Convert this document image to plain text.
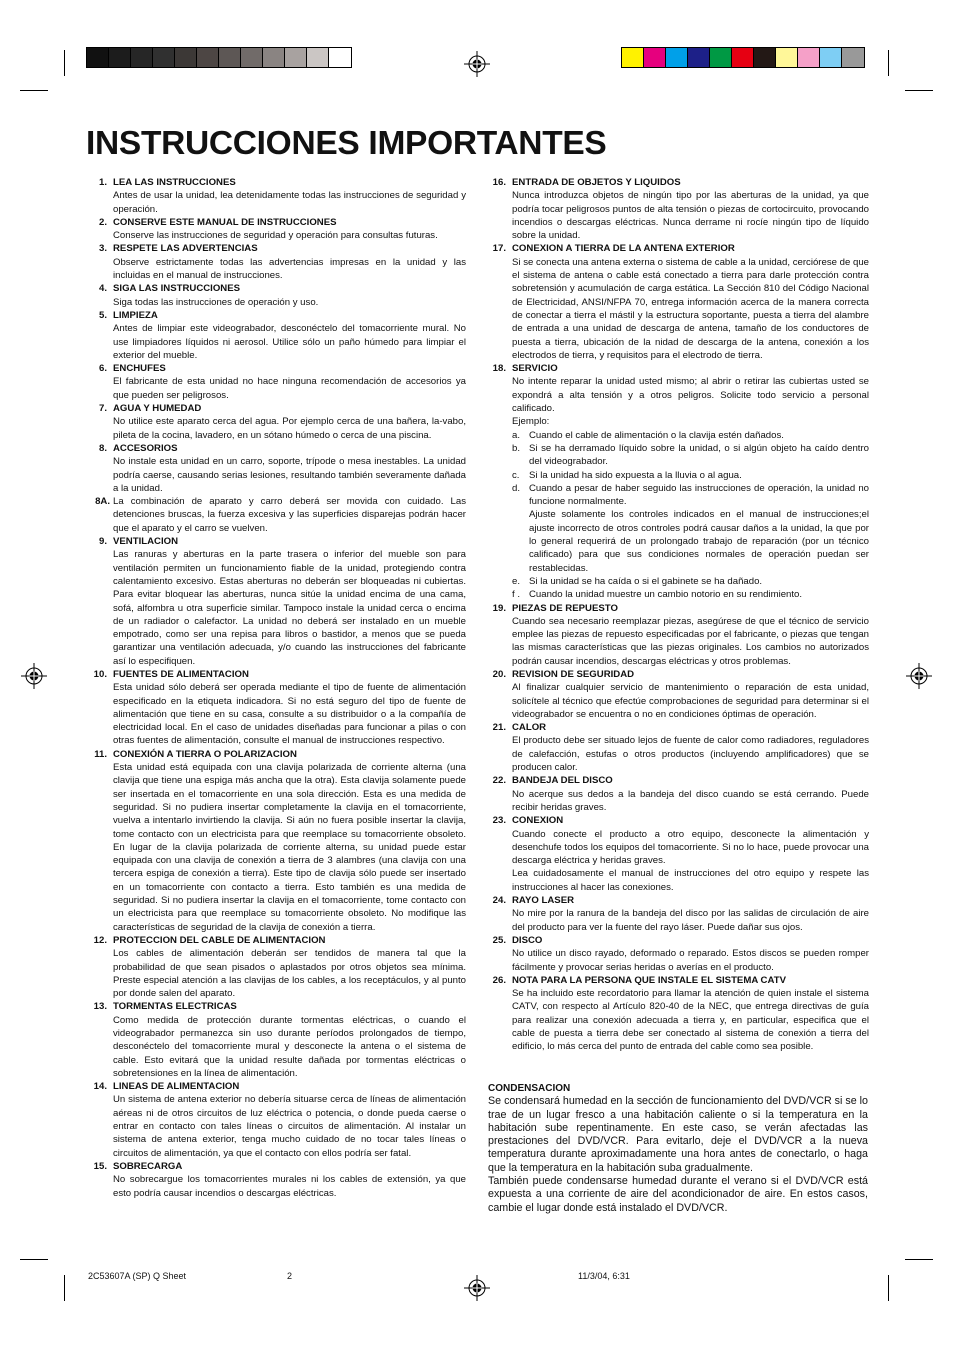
INSTRUCCIONES IMPORTANTES
1. LEA LAS INSTRUCCIONES
Antes de usar la unidad, lea detenidamente todas las instrucciones de seguridad y operación.
2. CONSERVE ESTE MANUAL DE INSTRUCCIONES
Conserve las instrucciones de seguridad y operación para consultas futuras.
3. RESPETE LAS ADVERTENCIAS
Observe estrictamente todas las advertencias impresas en la unidad y las incluidas en el manual de instrucciones.
4. SIGA LAS INSTRUCCIONES
Siga todas las instrucciones de operación y uso.
5. LIMPIEZA
Antes de limpiar este videograbador, desconéctelo del tomacorriente mural. No use limpiadores líquidos ni aerosol. Utilice sólo un paño húmedo para limpiar el exterior del mueble.
6. ENCHUFES
El fabricante de esta unidad no hace ninguna recomendación de accesorios ya que pueden ser peligrosos.
7. AGUA Y HUMEDAD
No utilice este aparato cerca del agua. Por ejemplo cerca de una bañera, la-vabo, pileta de la cocina, lavadero, en un sótano húmedo o cerca de una piscina.
8. ACCESORIOS
No instale esta unidad en un carro, soporte, trípode o mesa inestables. La unidad podría caerse, causando serias lesiones, resultando también severamente dañada a la unidad.
8A. La combinación de aparato y carro deberá ser movida con cuidado. Las detenciones bruscas, la fuerza excesiva y las superficies disparejas podrán hacer que el aparato y el carro se vuelven.
9. VENTILACION
Las ranuras y aberturas en la parte trasera o inferior del mueble son para ventilación permiten un funcionamiento fiable de la unidad, protegiendo contra calentamiento excesivo. Estas aberturas no deberán ser bloqueadas ni cubiertas. Para evitar bloquear las aberturas, nunca sitúe la unidad encima de una cama, sofá, alfombra u otra superficie similar. Tampoco instale la unidad cerca o encima de un radiador o calefactor. La unidad no deberá ser instalado en un mueble empotrado, como ser una repisa para libros o bastidor, a menos que se pueda garantizar una ventilación adecuada, y/o cuando las instrucciones del fabricante así lo especifiquen.
10. FUENTES DE ALIMENTACION
Esta unidad sólo deberá ser operada mediante el tipo de fuente de alimentación especificado en la etiqueta indicadora. Si no está seguro del tipo de fuente de alimentación que tiene en su casa, consulte a su distribuidor o a la compañía de electricidad local. En el caso de unidades diseñadas para funcionar a pilas o con otras fuentes de alimentación, consulte el manual de instrucciones respectivo.
11. CONEXIÓN A TIERRA O POLARIZACION
Esta unidad está equipada con una clavija polarizada de corriente alterna (una clavija que tiene una espiga más ancha que la otra). Esta clavija solamente puede ser insertada en el tomacorriente en una sola dirección. Esta es una medida de seguridad. Si no pudiera insertar completamente la clavija en el tomacorriente, vuelva a intentarlo invirtiendo la clavija. Si aún no fuera posible insertar la clavija, tome contacto con un electricista para que reemplace su tomacorriente obsoleto. En lugar de la clavija polarizada de corriente alterna, su unidad puede estar equipada con una clavija de conexión a tierra de 3 alambres (una clavija con una tercera espiga de conexión a tierra). Este tipo de clavija sólo puede ser insertado en un tomacorriente con contacto a tierra. Esto también es una medida de seguridad. Si no pudiera insertar la clavija en el tomacorriente, tome contacto con un electricista para que reemplace su tomacorriente obsoleto. No modifique las características de seguridad de la clavija de conexión a tierra.
12. PROTECCION DEL CABLE DE ALIMENTACION
Los cables de alimentación deberán ser tendidos de manera tal que la probabilidad de que sean pisados o aplastados por otros objetos sea mínima. Preste especial atención a las clavijas de los cables, a los receptáculos, y al punto por donde salen del aparato.
13. TORMENTAS ELECTRICAS
Como medida de protección durante tormentas eléctricas, o cuando el videograbador permanezca sin uso durante períodos prolongados de tiempo, desconéctelo del tomacorriente mural y desconecte la antena o el sistema de cable. Esto evitará que la unidad resulte dañada por tormentas eléctricas o sobretensiones en la línea de alimentación.
14. LINEAS DE ALIMENTACION
Un sistema de antena exterior no debería situarse cerca de líneas de alimentación aéreas ni de otros circuitos de luz eléctrica o potencia, o donde pueda caerse o entrar en contacto con tales líneas o circuitos de alimentación. Al instalar un sistema de antena exterior, tenga mucho cuidado de no tocar tales líneas o circuitos de alimentación, ya que el contacto con ellos podría ser fatal.
15. SOBRECARGA
No sobrecargue los tomacorrientes murales ni los cables de extensión, ya que esto podría causar incendios o descargas eléctricas.
16. ENTRADA DE OBJETOS Y LIQUIDOS
Nunca introduzca objetos de ningún tipo por las aberturas de la unidad, ya que podría tocar peligrosos puntos de alta tensión o piezas de cortocircuito, provocando incendios o descargas eléctricas. Nunca derrame ni rocíe ningún tipo de líquido sobre la unidad.
17. CONEXION A TIERRA DE LA ANTENA EXTERIOR
Si se conecta una antena externa o sistema de cable a la unidad, cerciórese de que el sistema de antena o cable está conectado a tierra para darle protección contra sobretensión y acumulación de carga estática. La Sección 810 del Código Nacional de Electricidad, ANSI/NFPA 70, entrega información acerca de la manera correcta de conectar a tierra el mástil y la estructura soportante, puesta a tierra del alambre de entrada a una unidad de descarga de antena, tamaño de los conductores de puesta a tierra, ubicación de la nidad de descarga de la antena, conexión a los electrodos de tierra, y requisitos para el electrodo de tierra.
18. SERVICIO
No intente reparar la unidad usted mismo; al abrir o retirar las cubiertas usted se expondrá a alta tensión y a otros peligros. Solicite todo servicio a personal calificado.
Ejemplo:
a. Cuando el cable de alimentación o la clavija estén dañados.
b. Si se ha derramado líquido sobre la unidad, o si algún objeto ha caído dentro del videograbador.
c. Si la unidad ha sido expuesta a la lluvia o al agua.
d. Cuando a pesar de haber seguido las instrucciones de operación, la unidad no funcione normalmente.
Ajuste solamente los controles indicados en el manual de instrucciones;el ajuste incorrecto de otros controles podrá causar daños a la unidad, la que por lo general requerirá de un prolongado trabajo de reparación (por un técnico calificado) para que sus condiciones normales de operación puedan ser restablecidas.
e. Si la unidad se ha caída o si el gabinete se ha dañado.
f . Cuando la unidad muestre un cambio notorio en su rendimiento.
19. PIEZAS DE REPUESTO
Cuando sea necesario reemplazar piezas, asegúrese de que el técnico de servicio emplee las piezas de repuesto especificadas por el fabricante, o piezas que tengan las mismas características que las piezas originales. Los cambios no autorizados podrán causar incendios, descargas eléctricas y otros problemas.
20. REVISION DE SEGURIDAD
Al finalizar cualquier servicio de mantenimiento o reparación de esta unidad, solicítele al técnico que efectúe comprobaciones de seguridad para determinar si el videograbador se encuentra o no en condiciones óptimas de operación.
21. CALOR
El producto debe ser situado lejos de fuente de calor como radiadores, reguladores de calefacción, estufas o otros productos (incluyendo amplificadores) que se producen calor.
22. BANDEJA DEL DISCO
No acerque sus dedos a la bandeja del disco cuando se está cerrando. Puede recibir heridas graves.
23. CONEXION
Cuando conecte el producto a otro equipo, desconecte la alimentación y desenchufe todos los equipos del tomacorriente. Si no lo hace, puede provocar una descarga eléctrica y heridas graves.
Lea cuidadosamente el manual de instrucciones del otro equipo y respete las instrucciones al hacer las conexiones.
24. RAYO LASER
No mire por la ranura de la bandeja del disco por las salidas de circulación de aire del producto para ver la fuente del rayo láser. Puede dañar sus ojos.
25. DISCO
No utilice un disco rayado, deformado o reparado. Estos discos se pueden romper fácilmente y provocar serias heridas o averías en el producto.
26. NOTA PARA LA PERSONA QUE INSTALE EL SISTEMA CATV
Se ha incluido este recordatorio para llamar la atención de quien instale el sistema CATV, con respecto al Artículo 820-40 de la NEC, que entrega directivas de guía para realizar una conexión adecuada a tierra y, en particular, especifica que el cable de puesta a tierra debe ser conectado al sistema de conexión a tierra del edificio, lo más cerca del punto de entrada del cable como sea posible.
CONDENSACION

Se condensará humedad en la sección de funcionamiento del DVD/VCR si se lo trae de un lugar fresco a una habitación caliente o si la temperatura en la habitación sube repentinamente. En este caso, se verán afectadas las prestaciones del DVD/VCR. Para evitarlo, deje el DVD/VCR a la nueva temperatura durante aproximadamente una hora antes de conectarlo, o haga que la temperatura en la habitación suba gradualmente.

También puede condensarse humedad durante el verano si el DVD/VCR está expuesta a una corriente de aire del acondicionador de aire. En estos casos, cambie el lugar donde está instalado el DVD/VCR.

2C53607A (SP) Q Sheet	2	11/3/04, 6:31
